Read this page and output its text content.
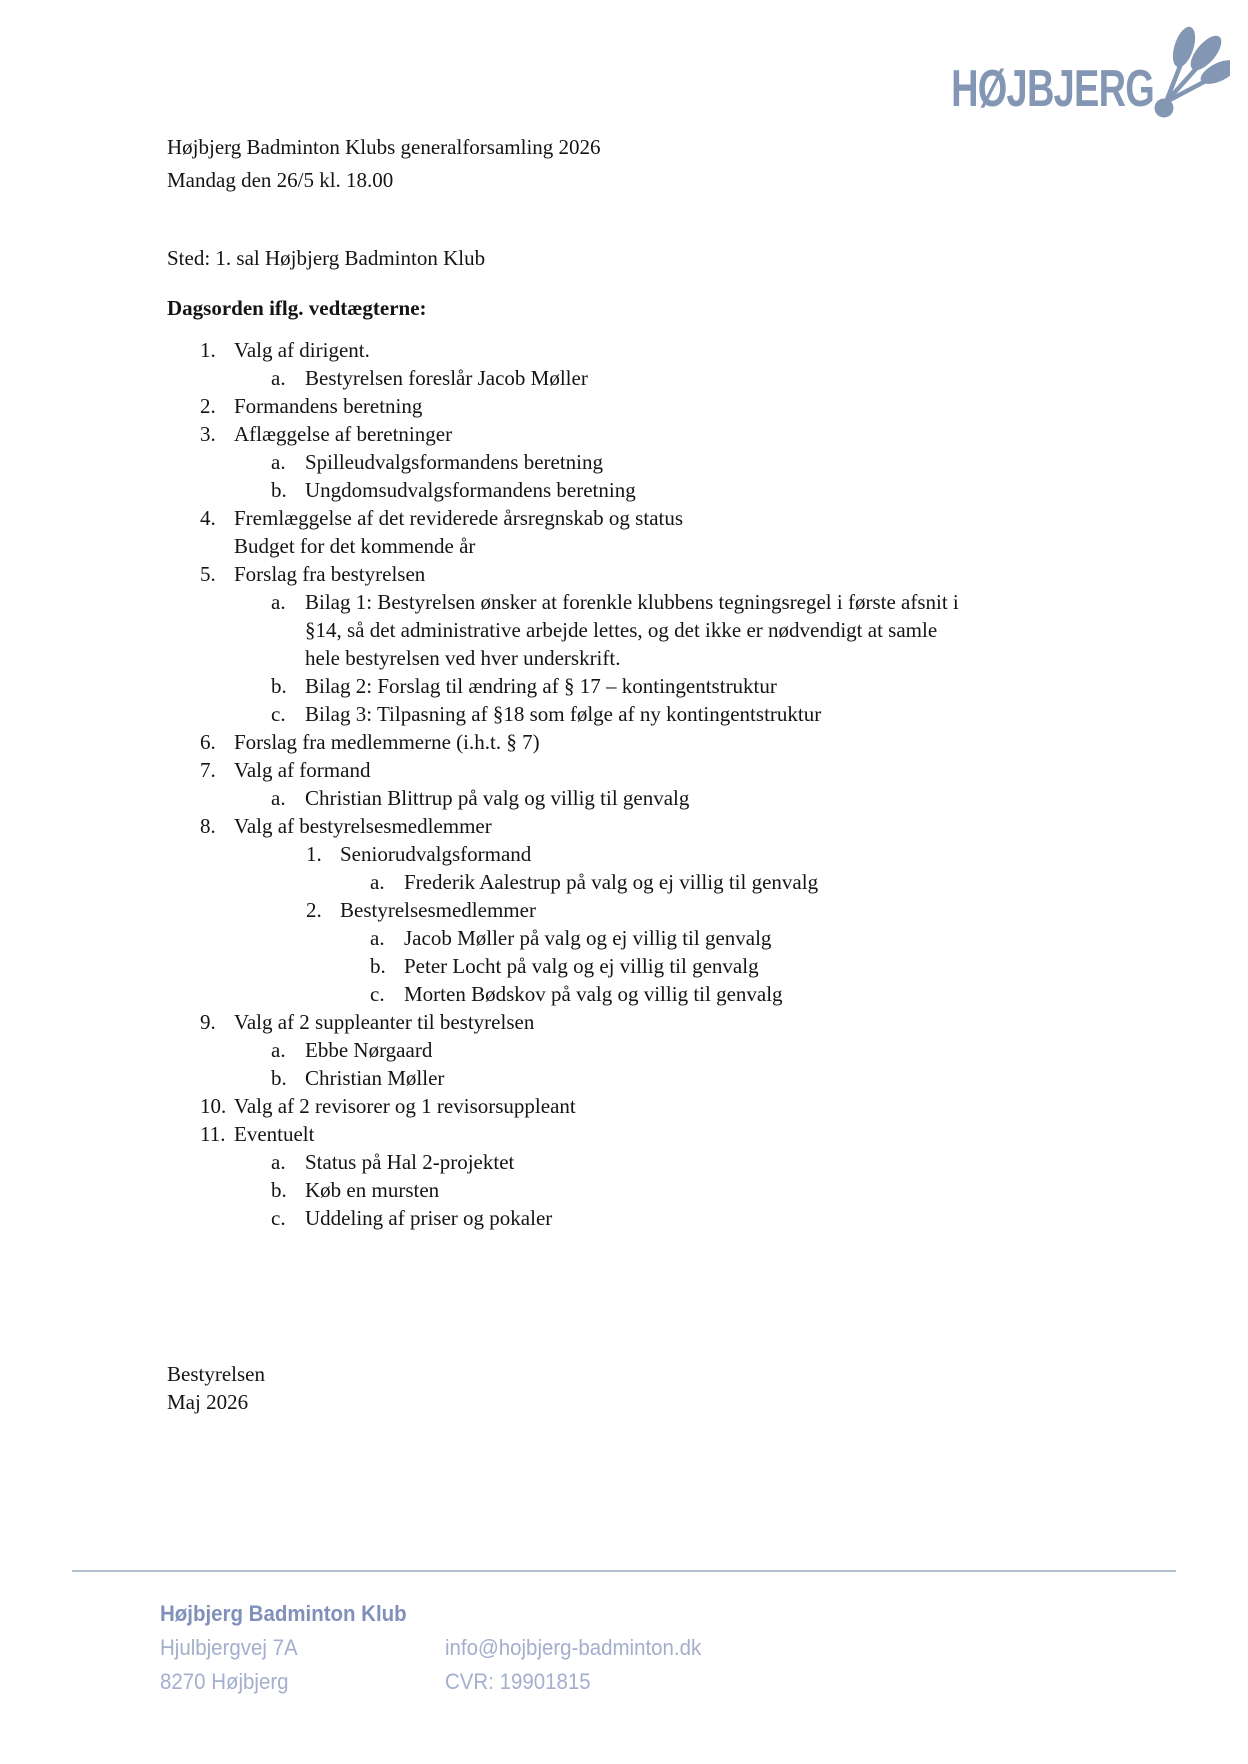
HØJBJERG
Højbjerg Badminton Klubs generalforsamling 2026
Mandag den 26/5 kl. 18.00
Sted: 1. sal Højbjerg Badminton Klub
Dagsorden iflg. vedtægterne:
1. Valg af dirigent.
a. Bestyrelsen foreslår Jacob Møller
2. Formandens beretning
3. Aflæggelse af beretninger
a. Spilleudvalgsformandens beretning
b. Ungdomsudvalgsformandens beretning
4. Fremlæggelse af det reviderede årsregnskab og status
Budget for det kommende år
5. Forslag fra bestyrelsen
a. Bilag 1: Bestyrelsen ønsker at forenkle klubbens tegningsregel i første afsnit i
§14, så det administrative arbejde lettes, og det ikke er nødvendigt at samle
hele bestyrelsen ved hver underskrift.
b. Bilag 2: Forslag til ændring af § 17 – kontingentstruktur
c. Bilag 3: Tilpasning af §18 som følge af ny kontingentstruktur
6. Forslag fra medlemmerne (i.h.t. § 7)
7. Valg af formand
a. Christian Blittrup på valg og villig til genvalg
8. Valg af bestyrelsesmedlemmer
1. Seniorudvalgsformand
a. Frederik Aalestrup på valg og ej villig til genvalg
2. Bestyrelsesmedlemmer
a. Jacob Møller på valg og ej villig til genvalg
b. Peter Locht på valg og ej villig til genvalg
c. Morten Bødskov på valg og villig til genvalg
9. Valg af 2 suppleanter til bestyrelsen
a. Ebbe Nørgaard
b. Christian Møller
10. Valg af 2 revisorer og 1 revisorsuppleant
11. Eventuelt
a. Status på Hal 2-projektet
b. Køb en mursten
c. Uddeling af priser og pokaler
Bestyrelsen
Maj 2026
Højbjerg Badminton Klub
Hjulbjergvej 7A
8270 Højbjerg
info@hojbjerg-badminton.dk
CVR: 19901815
